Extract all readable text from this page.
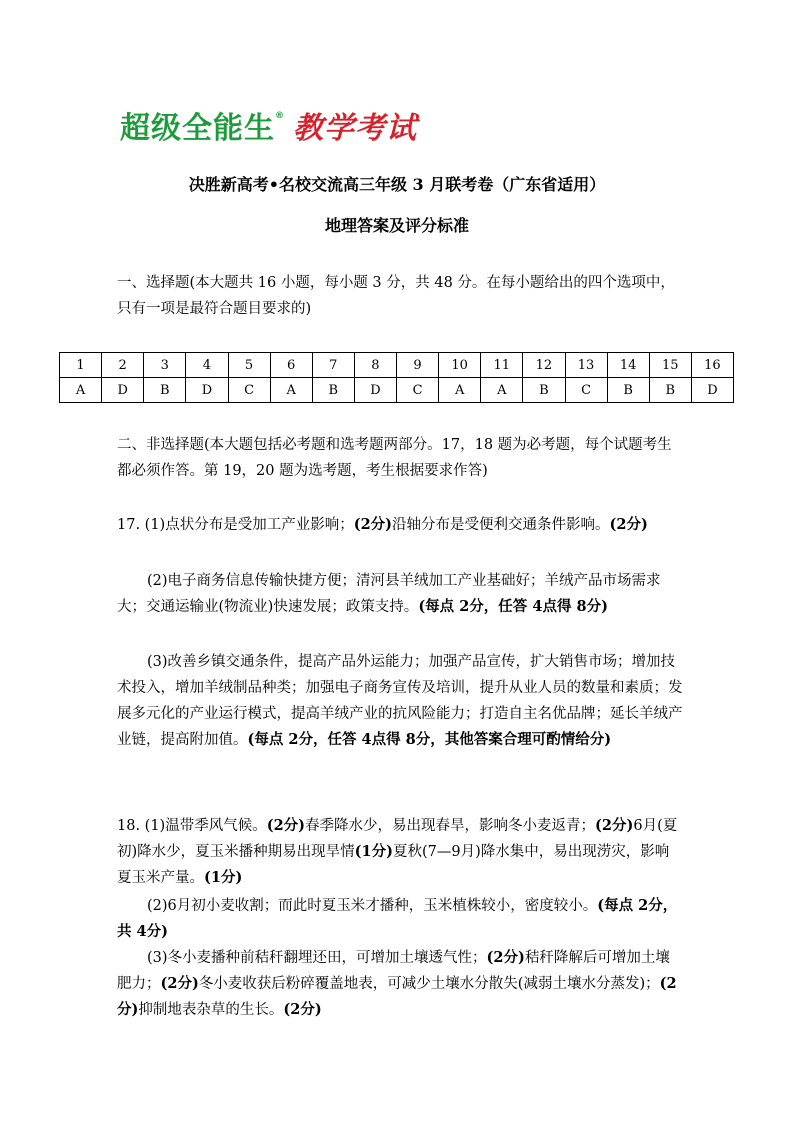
超级全能生 ® 教学考试
决胜新高考•名校交流高三年级 3 月联考卷（广东省适用）
地理答案及评分标准
一、选择题(本大题共 16 小题，每小题 3 分，共 48 分。在每小题给出的四个选项中，只有一项是最符合题目要求的)
1	2	3	4	5	6	7	8	9	10	11	12	13	14	15	16
A	D	B	D	C	A	B	D	C	A	A	B	C	B	B	D
二、非选择题(本大题包括必考题和选考题两部分。17，18 题为必考题，每个试题考生都必须作答。第 19，20 题为选考题，考生根据要求作答)
17. (1)点状分布是受加工产业影响；(2分)沿轴分布是受便利交通条件影响。(2分)
(2)电子商务信息传输快捷方便；清河县羊绒加工产业基础好；羊绒产品市场需求大；交通运输业(物流业)快速发展；政策支持。(每点 2分，任答 4点得 8分)
(3)改善乡镇交通条件，提高产品外运能力；加强产品宣传，扩大销售市场；增加技术投入，增加羊绒制品种类；加强电子商务宣传及培训，提升从业人员的数量和素质；发展多元化的产业运行模式，提高羊绒产业的抗风险能力；打造自主名优品牌；延长羊绒产业链，提高附加值。(每点 2分，任答 4点得 8分，其他答案合理可酌情给分)
18. (1)温带季风气候。(2分)春季降水少，易出现春旱，影响冬小麦返青；(2分)6月(夏初)降水少，夏玉米播种期易出现旱情(1分)夏秋(7—9月)降水集中，易出现涝灾，影响夏玉米产量。(1分)
(2)6月初小麦收割；而此时夏玉米才播种，玉米植株较小，密度较小。(每点 2分，共 4分)
(3)冬小麦播种前秸秆翻埋还田，可增加土壤透气性；(2分)秸秆降解后可增加土壤肥力；(2分)冬小麦收获后粉碎覆盖地表，可减少土壤水分散失(减弱土壤水分蒸发)；(2分)抑制地表杂草的生长。(2分)
